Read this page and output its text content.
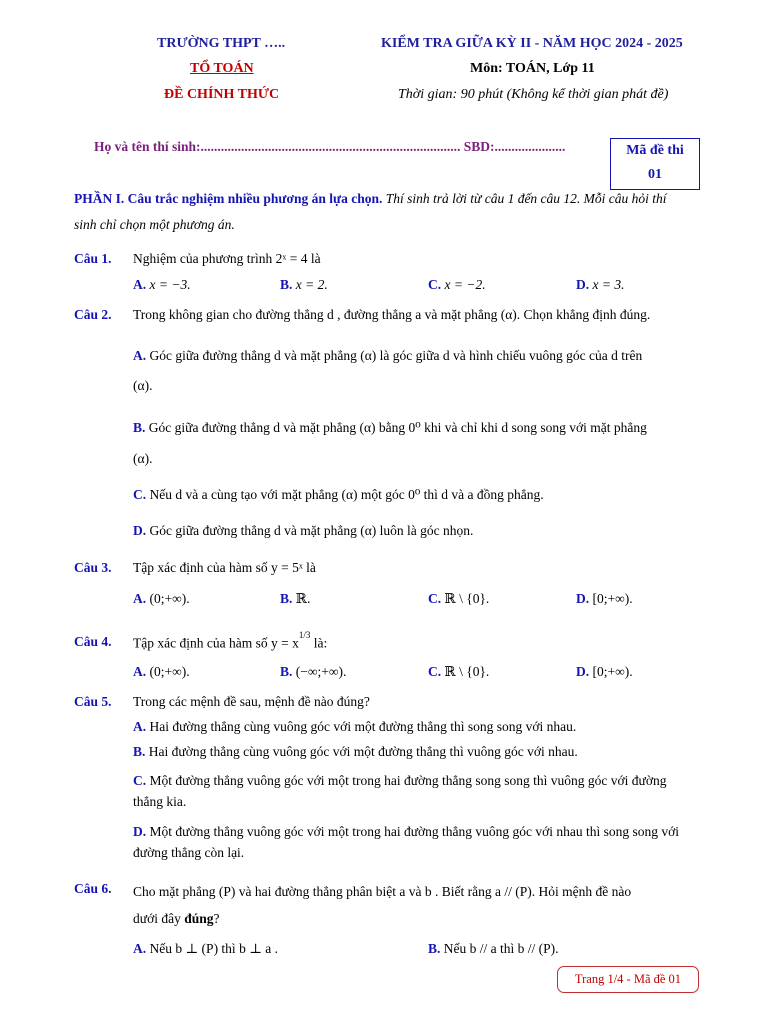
TRƯỜNG THPT …..
TỔ TOÁN
ĐỀ CHÍNH THỨC
KIỂM TRA GIỮA KỲ II - NĂM HỌC 2024 - 2025
Môn: TOÁN, Lớp 11
Thời gian: 90 phút (Không kể thời gian phát đề)
Họ và tên thí sinh:............................................................................. SBD:.....................	Mã đề thi
01
PHẦN I. Câu trắc nghiệm nhiều phương án lựa chọn. Thí sinh trả lời từ câu 1 đến câu 12. Mỗi câu hỏi thí
sinh chỉ chọn một phương án.
Câu 1. Nghiệm của phương trình 2ˣ = 4 là
A. x = −3.	B. x = 2.	C. x = −2.	D. x = 3.
Câu 2. Trong không gian cho đường thẳng d , đường thẳng a và mặt phẳng (α). Chọn khẳng định đúng.
A. Góc giữa đường thẳng d và mặt phẳng (α) là góc giữa d và hình chiếu vuông góc của d trên
(α).
B. Góc giữa đường thẳng d và mặt phẳng (α) bằng 0⁰ khi và chỉ khi d song song với mặt phẳng
(α).
C. Nếu d và a cùng tạo với mặt phẳng (α) một góc 0⁰ thì d và a đồng phẳng.
D. Góc giữa đường thẳng d và mặt phẳng (α) luôn là góc nhọn.
Câu 3. Tập xác định của hàm số y = 5ˣ là
A. (0;+∞).	B. ℝ.	C. ℝ \ {0}.	D. [0;+∞).
Câu 4. Tập xác định của hàm số $y = x^{1/3}$ là:
A. (0;+∞).	B. (−∞;+∞).	C. ℝ \ {0}.	D. [0;+∞).
Câu 5. Trong các mệnh đề sau, mệnh đề nào đúng?
A. Hai đường thẳng cùng vuông góc với một đường thẳng thì song song với nhau.
B. Hai đường thẳng cùng vuông góc với một đường thẳng thì vuông góc với nhau.
C. Một đường thẳng vuông góc với một trong hai đường thẳng song song thì vuông góc với đường
thẳng kia.
D. Một đường thẳng vuông góc với một trong hai đường thẳng vuông góc với nhau thì song song với
đường thẳng còn lại.
Câu 6. Cho mặt phẳng (P) và hai đường thẳng phân biệt a và b . Biết rằng a // (P). Hỏi mệnh đề nào
dưới đây đúng?
A. Nếu b ⊥ (P) thì b ⊥ a .	B. Nếu b // a thì b // (P).
Trang 1/4 - Mã đề 01
